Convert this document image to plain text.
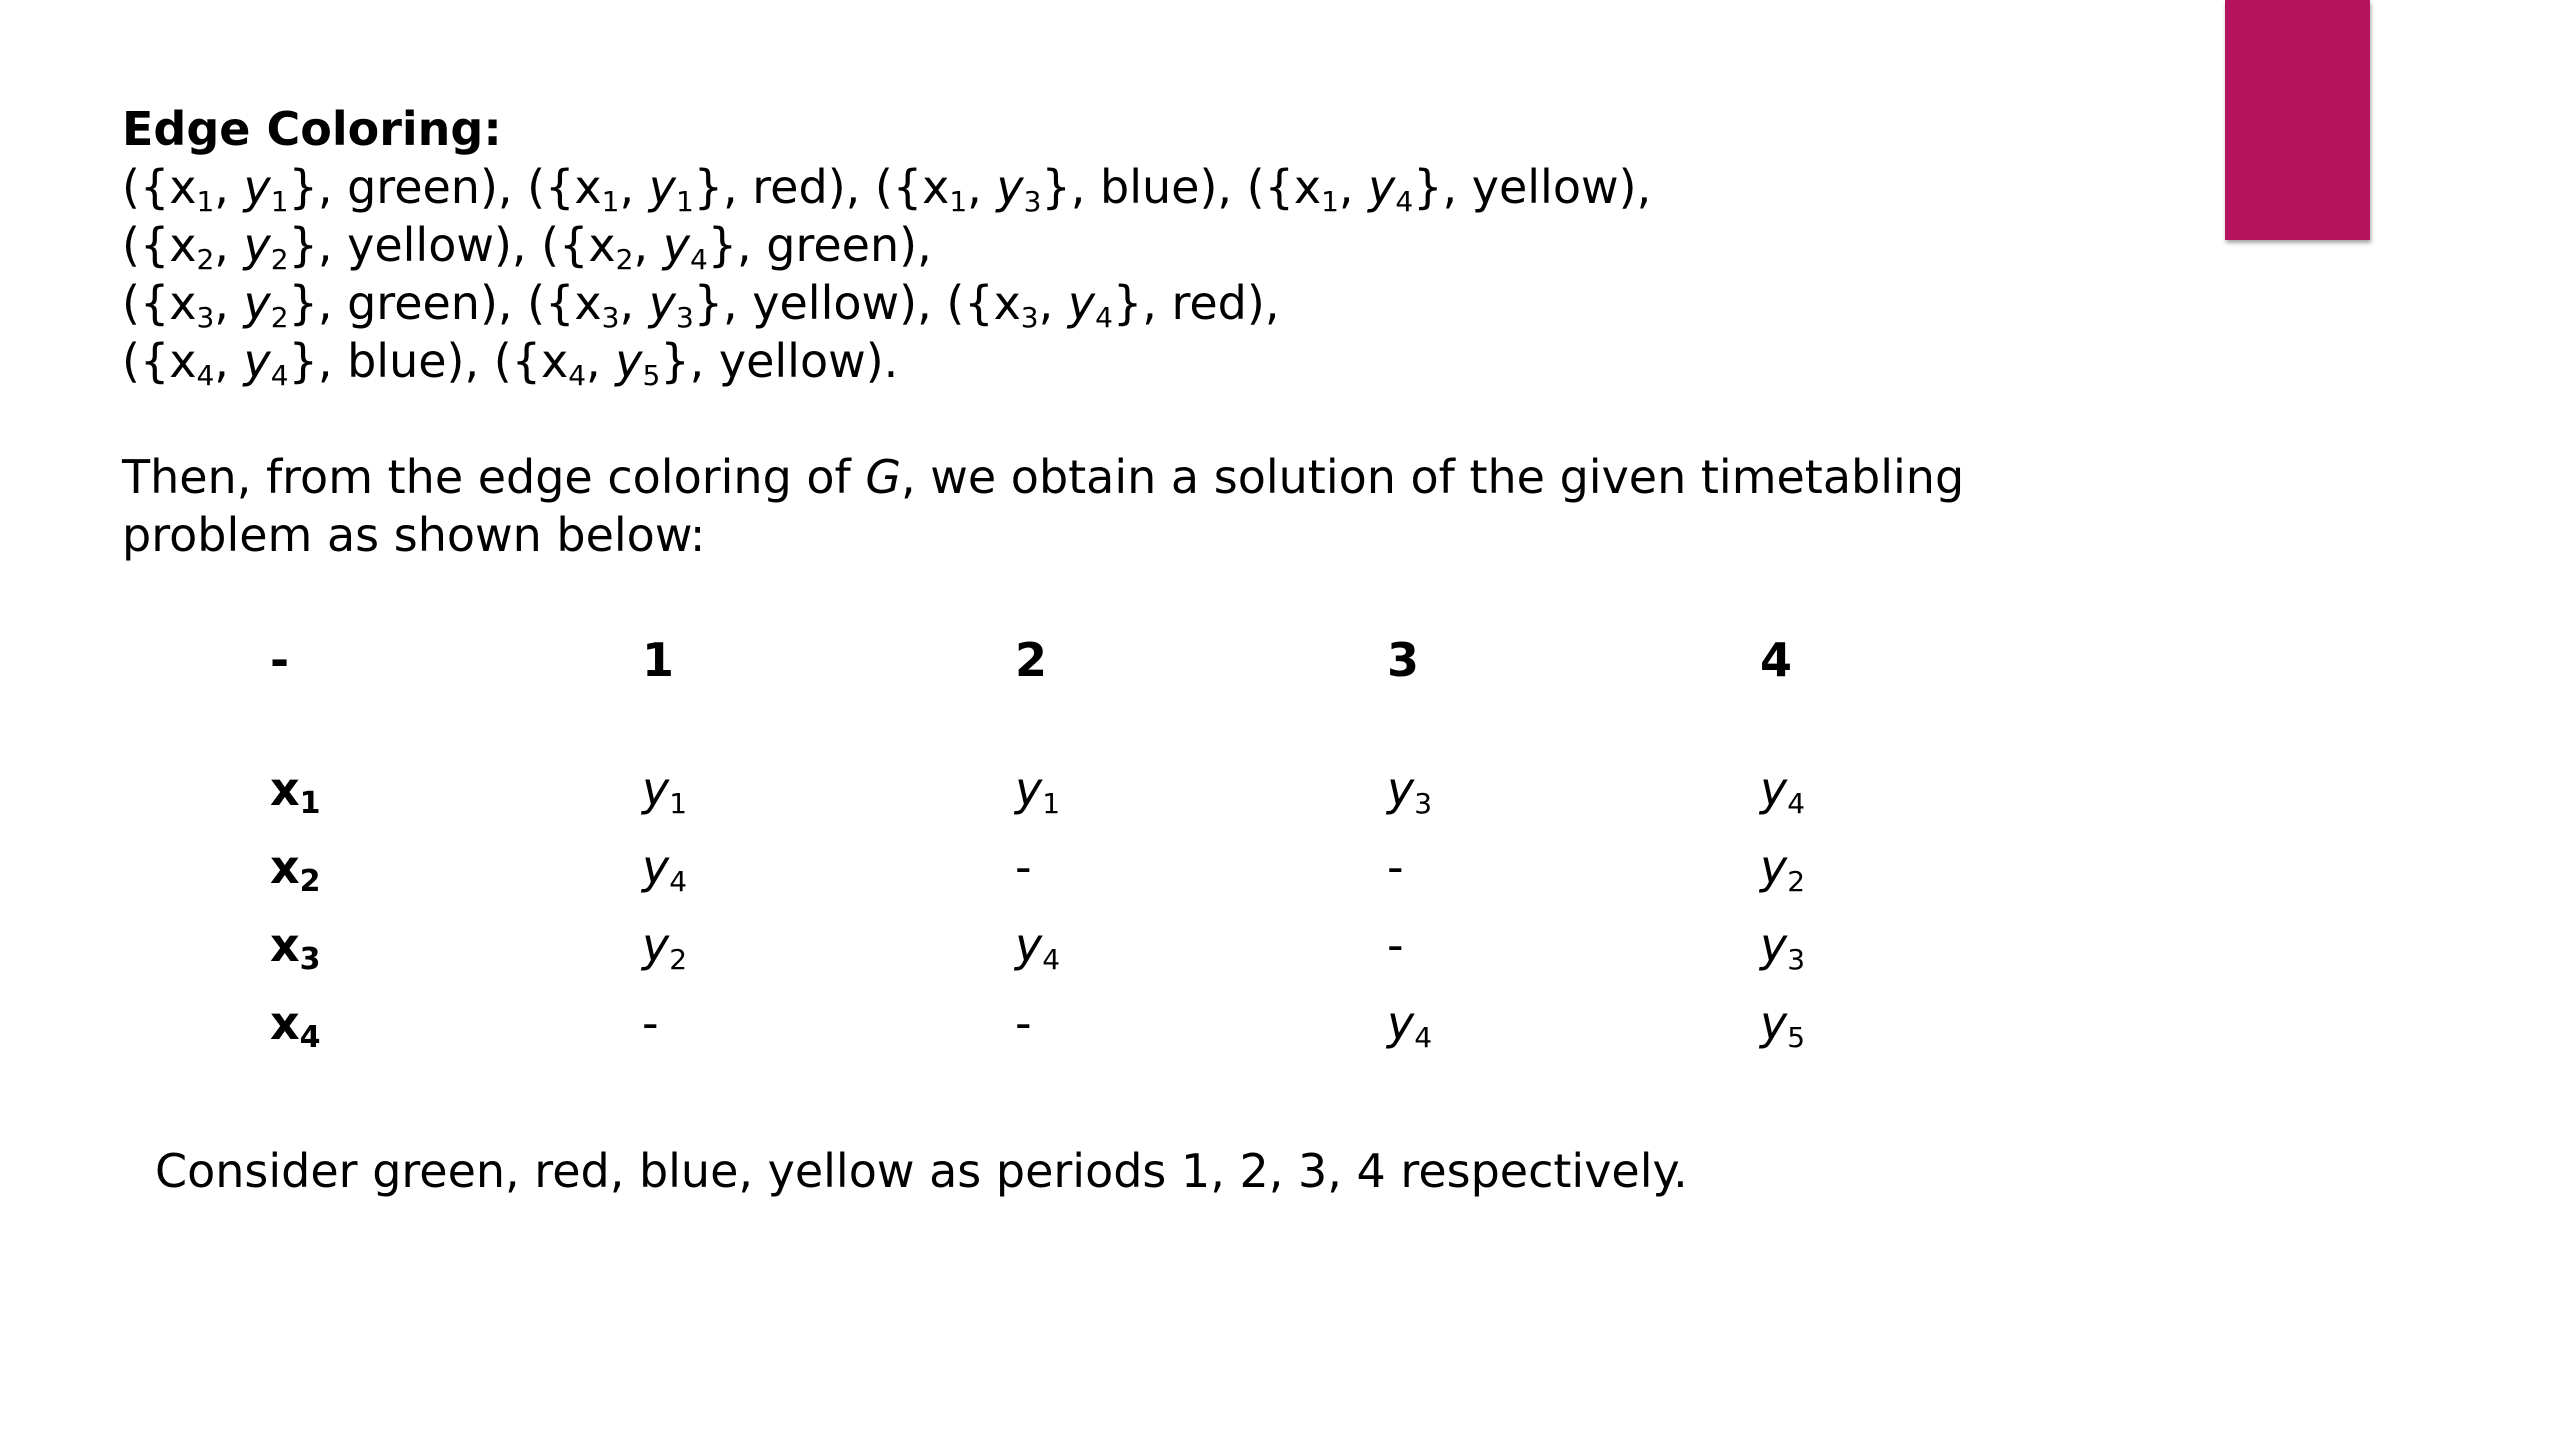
Edge Coloring:

({$x_1$, $y_1$}, green), ({$x_1$, $y_1$}, red), ({$x_1$, $y_3$}, blue), ({$x_1$, $y_4$}, yellow),
({$x_2$, $y_2$}, yellow), ({$x_2$, $y_4$}, green),
({$x_3$, $y_2$}, green), ({$x_3$, $y_3$}, yellow), ({$x_3$, $y_4$}, red),
({$x_4$, $y_4$}, blue), ({$x_4$, $y_5$}, yellow).

Then, from the edge coloring of G, we obtain a solution of the given timetabling problem as shown below:

-	1	2	3	4

$x_1$	$y_1$	$y_1$	$y_3$	$y_4$
$x_2$	$y_4$	-	-	$y_2$
$x_3$	$y_2$	$y_4$	-	$y_3$
$x_4$	-	-	$y_4$	$y_5$

Consider green, red, blue, yellow as periods 1, 2, 3, 4 respectively.
